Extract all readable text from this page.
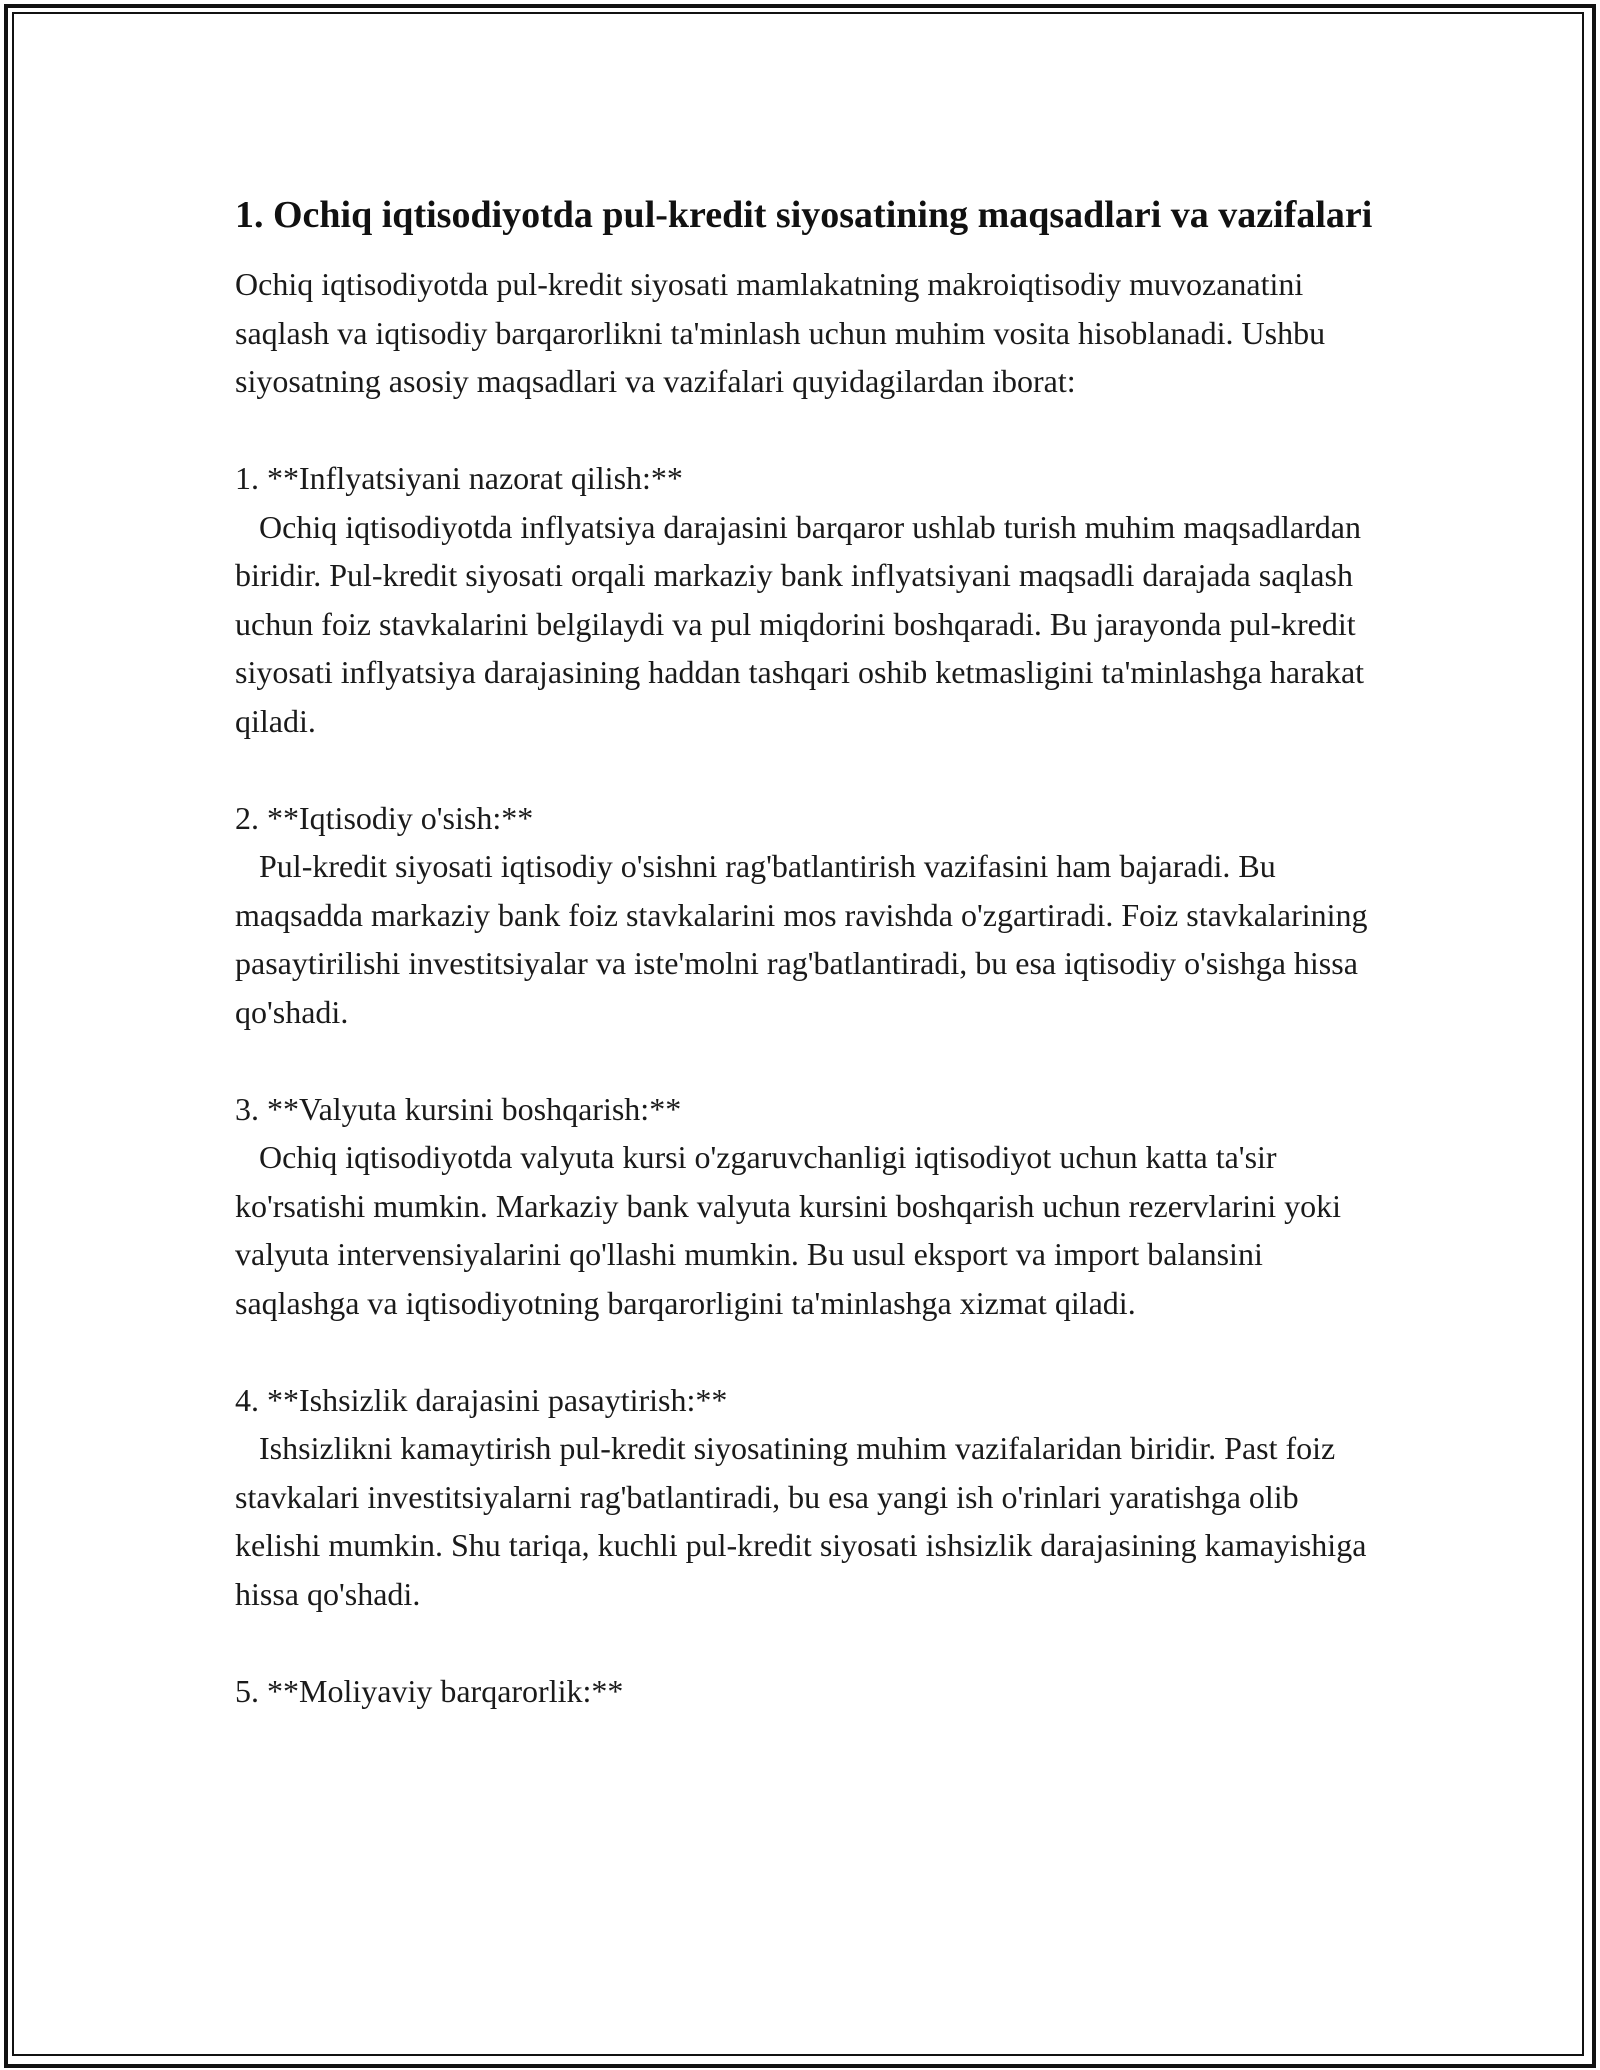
1. Ochiq iqtisodiyotda pul-kredit siyosatining maqsadlari va vazifalari

Ochiq iqtisodiyotda pul-kredit siyosati mamlakatning makroiqtisodiy muvozanatini saqlash va iqtisodiy barqarorlikni ta'minlash uchun muhim vosita hisoblanadi. Ushbu siyosatning asosiy maqsadlari va vazifalari quyidagilardan iborat:

1. **Inflyatsiyani nazorat qilish:**

Ochiq iqtisodiyotda inflyatsiya darajasini barqaror ushlab turish muhim maqsadlardan biridir. Pul-kredit siyosati orqali markaziy bank inflyatsiyani maqsadli darajada saqlash uchun foiz stavkalarini belgilaydi va pul miqdorini boshqaradi. Bu jarayonda pul-kredit siyosati inflyatsiya darajasining haddan tashqari oshib ketmasligini ta'minlashga harakat qiladi.

2. **Iqtisodiy o'sish:**

Pul-kredit siyosati iqtisodiy o'sishni rag'batlantirish vazifasini ham bajaradi. Bu maqsadda markaziy bank foiz stavkalarini mos ravishda o'zgartiradi. Foiz stavkalarining pasaytirilishi investitsiyalar va iste'molni rag'batlantiradi, bu esa iqtisodiy o'sishga hissa qo'shadi.

3. **Valyuta kursini boshqarish:**

Ochiq iqtisodiyotda valyuta kursi o'zgaruvchanligi iqtisodiyot uchun katta ta'sir ko'rsatishi mumkin. Markaziy bank valyuta kursini boshqarish uchun rezervlarini yoki valyuta intervensiyalarini qo'llashi mumkin. Bu usul eksport va import balansini saqlashga va iqtisodiyotning barqarorligini ta'minlashga xizmat qiladi.

4. **Ishsizlik darajasini pasaytirish:**

Ishsizlikni kamaytirish pul-kredit siyosatining muhim vazifalaridan biridir. Past foiz stavkalari investitsiyalarni rag'batlantiradi, bu esa yangi ish o'rinlari yaratishga olib kelishi mumkin. Shu tariqa, kuchli pul-kredit siyosati ishsizlik darajasining kamayishiga hissa qo'shadi.

5. **Moliyaviy barqarorlik:**
